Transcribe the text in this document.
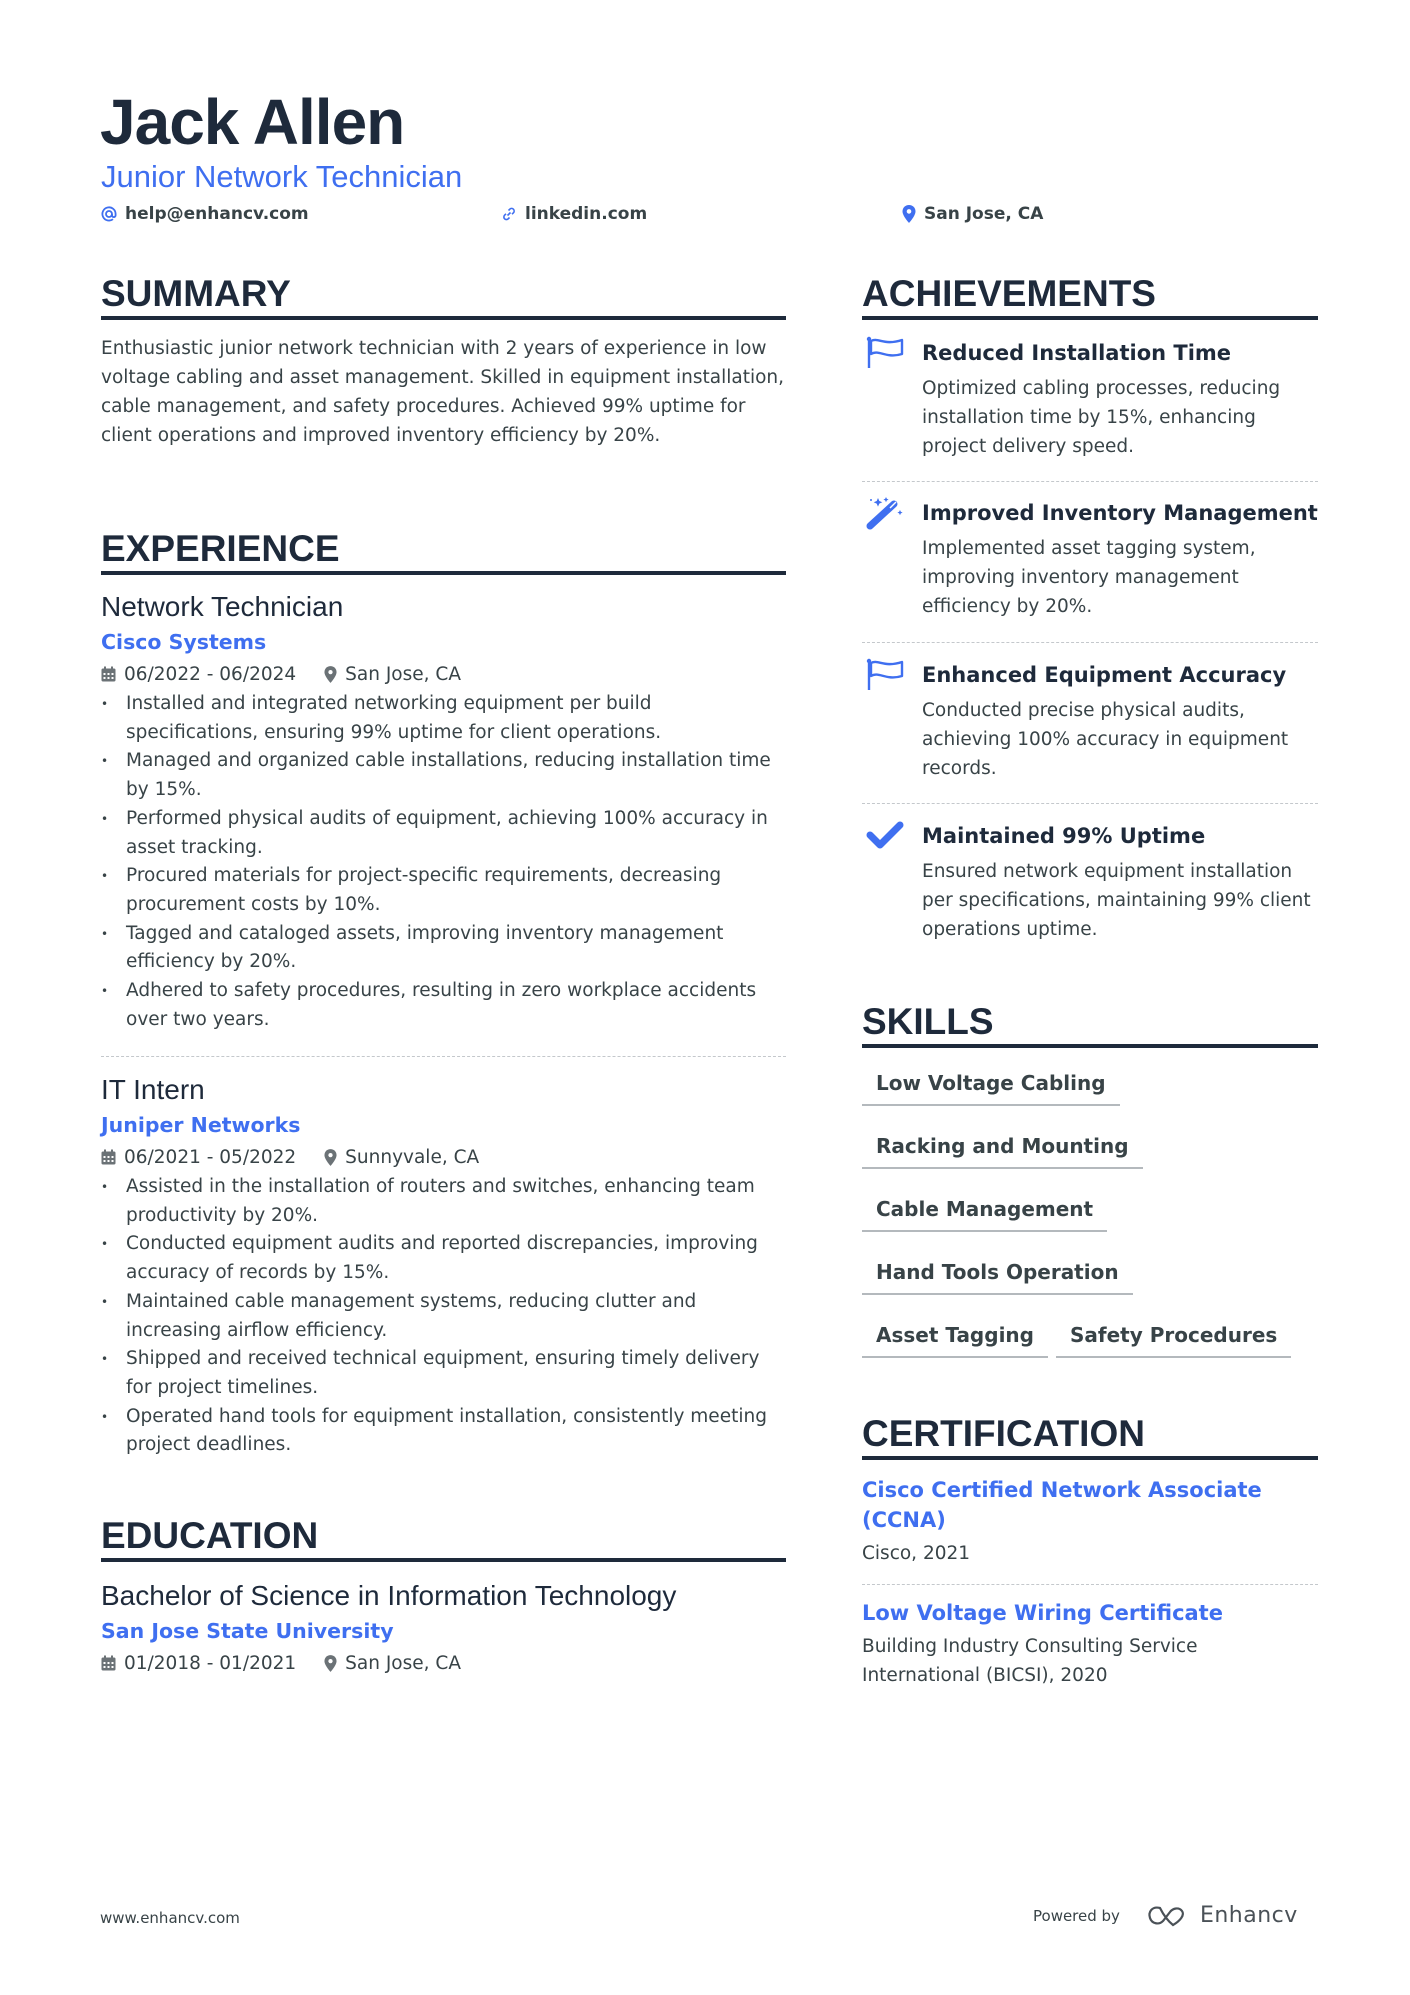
Jack Allen
Junior Network Technician
help@enhancv.com	linkedin.com	San Jose, CA
SUMMARY
Enthusiastic junior network technician with 2 years of experience in low voltage cabling and asset management. Skilled in equipment installation, cable management, and safety procedures. Achieved 99% uptime for client operations and improved inventory efficiency by 20%.
EXPERIENCE
Network Technician
Cisco Systems
06/2022 - 06/2024	San Jose, CA
• Installed and integrated networking equipment per build specifications, ensuring 99% uptime for client operations.
• Managed and organized cable installations, reducing installation time by 15%.
• Performed physical audits of equipment, achieving 100% accuracy in asset tracking.
• Procured materials for project-specific requirements, decreasing procurement costs by 10%.
• Tagged and cataloged assets, improving inventory management efficiency by 20%.
• Adhered to safety procedures, resulting in zero workplace accidents over two years.
IT Intern
Juniper Networks
06/2021 - 05/2022	Sunnyvale, CA
• Assisted in the installation of routers and switches, enhancing team productivity by 20%.
• Conducted equipment audits and reported discrepancies, improving accuracy of records by 15%.
• Maintained cable management systems, reducing clutter and increasing airflow efficiency.
• Shipped and received technical equipment, ensuring timely delivery for project timelines.
• Operated hand tools for equipment installation, consistently meeting project deadlines.
EDUCATION
Bachelor of Science in Information Technology
San Jose State University
01/2018 - 01/2021	San Jose, CA
ACHIEVEMENTS
Reduced Installation Time
Optimized cabling processes, reducing installation time by 15%, enhancing project delivery speed.
Improved Inventory Management
Implemented asset tagging system, improving inventory management efficiency by 20%.
Enhanced Equipment Accuracy
Conducted precise physical audits, achieving 100% accuracy in equipment records.
Maintained 99% Uptime
Ensured network equipment installation per specifications, maintaining 99% client operations uptime.
SKILLS
Low Voltage Cabling
Racking and Mounting
Cable Management
Hand Tools Operation
Asset Tagging	Safety Procedures
CERTIFICATION
Cisco Certified Network Associate (CCNA)
Cisco, 2021
Low Voltage Wiring Certificate
Building Industry Consulting Service International (BICSI), 2020
www.enhancv.com	Powered by	Enhancv
